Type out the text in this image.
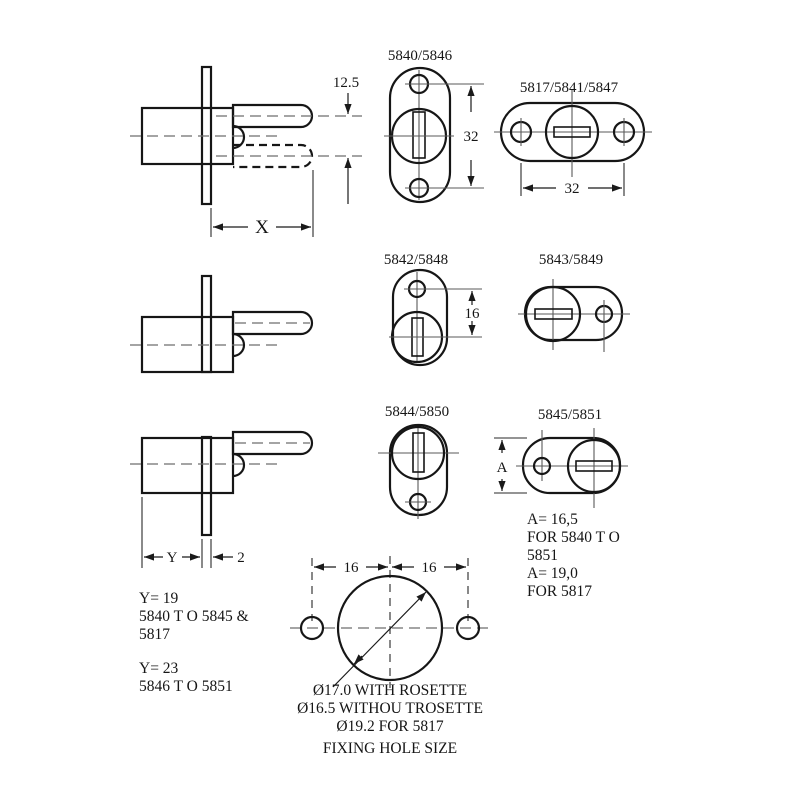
12.5
X
5840/5846
32
5817/5841/5847
32
5842/5848
16
5843/5849
Y	2
5844/5850	5845/5851
A
A= 16,5
FOR 5840 T O
5851
A= 19,0
FOR 5817
Y= 19
5840 T O 5845 &
5817
Y= 23
5846 T O 5851
16	16
Ø17.0 WITH ROSETTE
Ø16.5 WITHOU TROSETTE
Ø19.2 FOR 5817
FIXING HOLE SIZE
